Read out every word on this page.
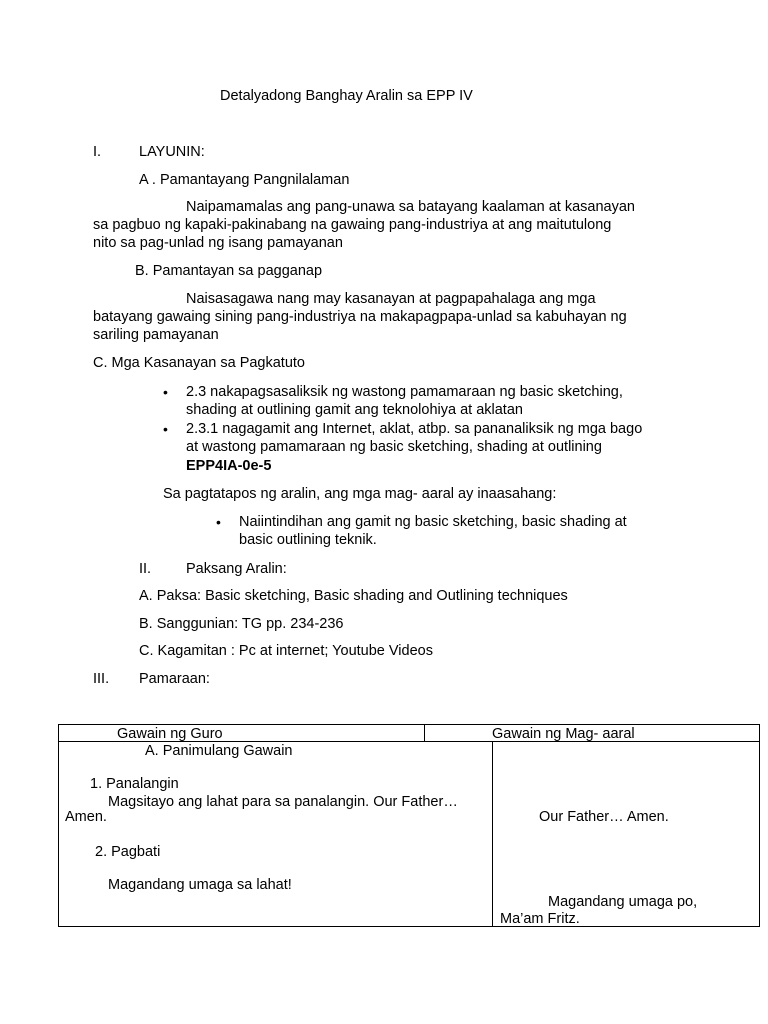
Detalyadong Banghay Aralin sa EPP IV
I.	LAYUNIN:
A . Pamantayang Pangnilalaman
Naipamamalas ang pang-unawa sa batayang kaalaman at kasanayan
sa pagbuo ng kapaki-pakinabang na gawaing pang-industriya at ang maitutulong
nito sa pag-unlad ng isang pamayanan
B. Pamantayan sa pagganap
Naisasagawa nang may kasanayan at pagpapahalaga ang mga
batayang gawaing sining pang-industriya na makapagpapa-unlad sa kabuhayan ng
sariling pamayanan
C. Mga Kasanayan sa Pagkatuto
• 2.3 nakapagsasaliksik ng wastong pamamaraan ng basic sketching,
shading at outlining gamit ang teknolohiya at aklatan
• 2.3.1 nagagamit ang Internet, aklat, atbp. sa pananaliksik ng mga bago
at wastong pamamaraan ng basic sketching, shading at outlining
EPP4IA-0e-5
Sa pagtatapos ng aralin, ang mga mag- aaral ay inaasahang:
• Naiintindihan ang gamit ng basic sketching, basic shading at
basic outlining teknik.
II. Paksang Aralin:
A. Paksa: Basic sketching, Basic shading and Outlining techniques
B. Sanggunian: TG pp. 234-236
C. Kagamitan : Pc at internet; Youtube Videos
III. Pamaraan:
Gawain ng Guro	Gawain ng Mag- aaral
A. Panimulang Gawain
1. Panalangin
Magsitayo ang lahat para sa panalangin. Our Father…
Amen.
2. Pagbati
Magandang umaga sa lahat!
Our Father… Amen.
Magandang umaga po,
Ma’am Fritz.
